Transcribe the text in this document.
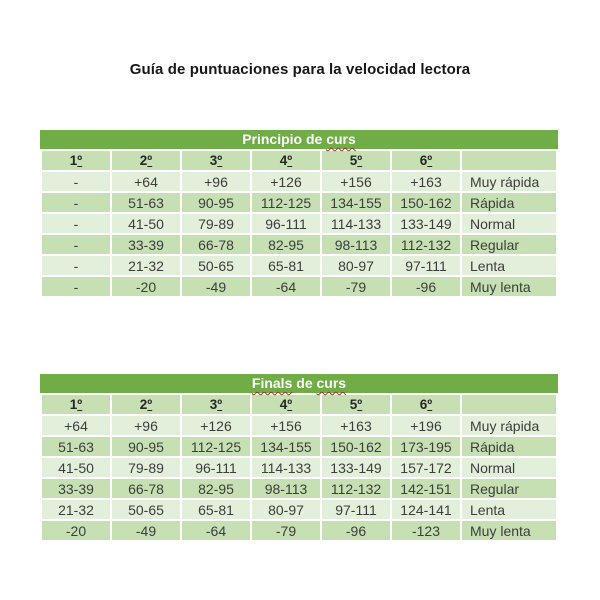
Guía de puntuaciones para la velocidad lectora
Principio de curs
1º	2º	3º	4º	5º	6º	
-	+64	+96	+126	+156	+163	Muy rápida
-	51-63	90-95	112-125	134-155	150-162	Rápida
-	41-50	79-89	96-111	114-133	133-149	Normal
-	33-39	66-78	82-95	98-113	112-132	Regular
-	21-32	50-65	65-81	80-97	97-111	Lenta
-	-20	-49	-64	-79	-96	Muy lenta
Finals de curs
1º	2º	3º	4º	5º	6º	
+64	+96	+126	+156	+163	+196	Muy rápida
51-63	90-95	112-125	134-155	150-162	173-195	Rápida
41-50	79-89	96-111	114-133	133-149	157-172	Normal
33-39	66-78	82-95	98-113	112-132	142-151	Regular
21-32	50-65	65-81	80-97	97-111	124-141	Lenta
-20	-49	-64	-79	-96	-123	Muy lenta
